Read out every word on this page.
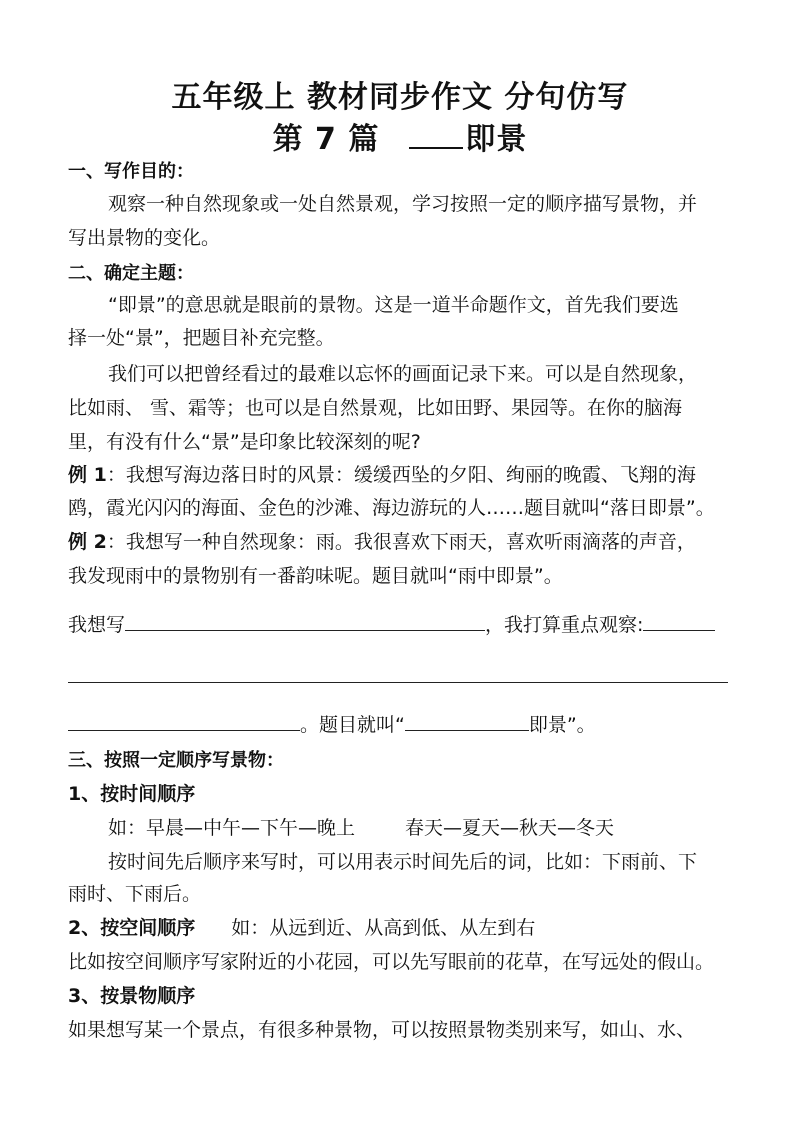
五年级上 教材同步作文 分句仿写
第 7 篇	即景
一、写作目的：
观察一种自然现象或一处自然景观，学习按照一定的顺序描写景物，并
写出景物的变化。
二、确定主题：
“即景”的意思就是眼前的景物。这是一道半命题作文，首先我们要选
择一处“景”，把题目补充完整。
我们可以把曾经看过的最难以忘怀的画面记录下来。可以是自然现象，
比如雨、 雪、霜等；也可以是自然景观，比如田野、果园等。在你的脑海
里，有没有什么“景”是印象比较深刻的呢?
例 1：我想写海边落日时的风景：缓缓西坠的夕阳、绚丽的晚霞、飞翔的海
鸥，霞光闪闪的海面、金色的沙滩、海边游玩的人……题目就叫“落日即景”。
例 2：我想写一种自然现象：雨。我很喜欢下雨天，喜欢听雨滴落的声音，
我发现雨中的景物别有一番韵味呢。题目就叫“雨中即景”。
我想写	，我打算重点观察:
。题目就叫“	即景”。
三、按照一定顺序写景物：
1、按时间顺序
如：早晨—中午—下午—晚上	春天—夏天—秋天—冬天
按时间先后顺序来写时，可以用表示时间先后的词，比如：下雨前、下
雨时、下雨后。
2、按空间顺序 如：从远到近、从高到低、从左到右
比如按空间顺序写家附近的小花园，可以先写眼前的花草，在写远处的假山。
3、按景物顺序
如果想写某一个景点，有很多种景物，可以按照景物类别来写，如山、水、
